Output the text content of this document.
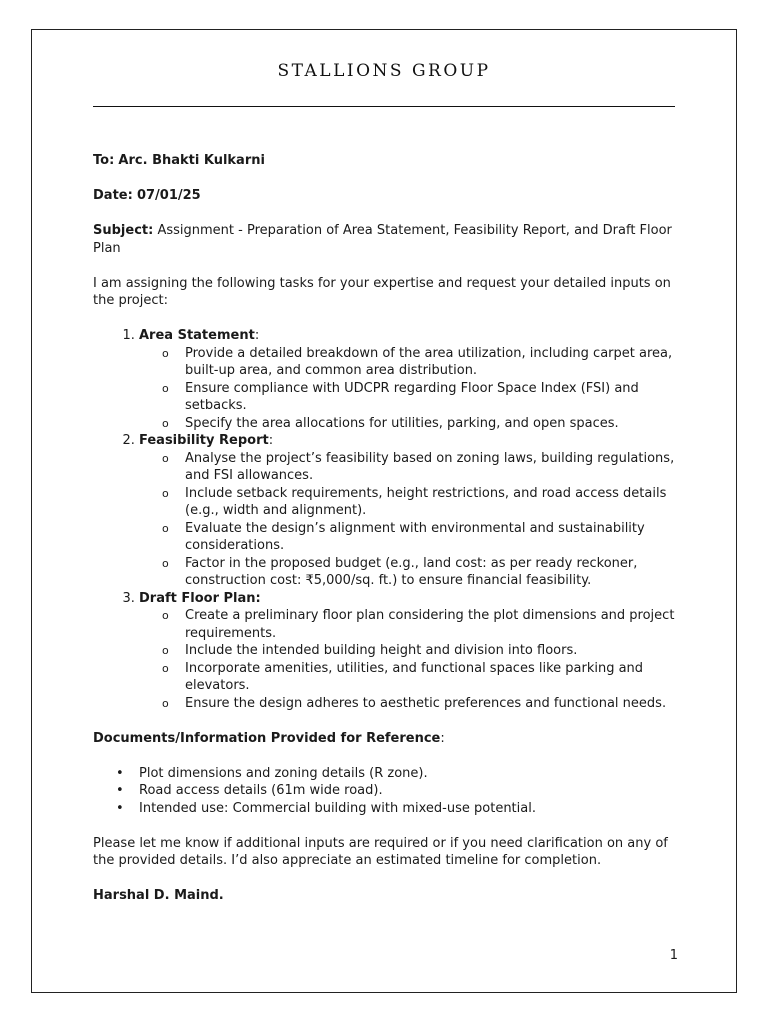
STALLIONS GROUP

To: Arc. Bhakti Kulkarni

Date: 07/01/25

Subject: Assignment - Preparation of Area Statement, Feasibility Report, and Draft Floor Plan

I am assigning the following tasks for your expertise and request your detailed inputs on the project:

1. Area Statement:
o Provide a detailed breakdown of the area utilization, including carpet area, built-up area, and common area distribution.
o Ensure compliance with UDCPR regarding Floor Space Index (FSI) and setbacks.
o Specify the area allocations for utilities, parking, and open spaces.
2. Feasibility Report:
o Analyse the project’s feasibility based on zoning laws, building regulations, and FSI allowances.
o Include setback requirements, height restrictions, and road access details (e.g., width and alignment).
o Evaluate the design’s alignment with environmental and sustainability considerations.
o Factor in the proposed budget (e.g., land cost: as per ready reckoner, construction cost: ₹5,000/sq. ft.) to ensure financial feasibility.
3. Draft Floor Plan:
o Create a preliminary floor plan considering the plot dimensions and project requirements.
o Include the intended building height and division into floors.
o Incorporate amenities, utilities, and functional spaces like parking and elevators.
o Ensure the design adheres to aesthetic preferences and functional needs.

Documents/Information Provided for Reference:

• Plot dimensions and zoning details (R zone).
• Road access details (61m wide road).
• Intended use: Commercial building with mixed-use potential.

Please let me know if additional inputs are required or if you need clarification on any of the provided details. I’d also appreciate an estimated timeline for completion.

Harshal D. Maind.

1
